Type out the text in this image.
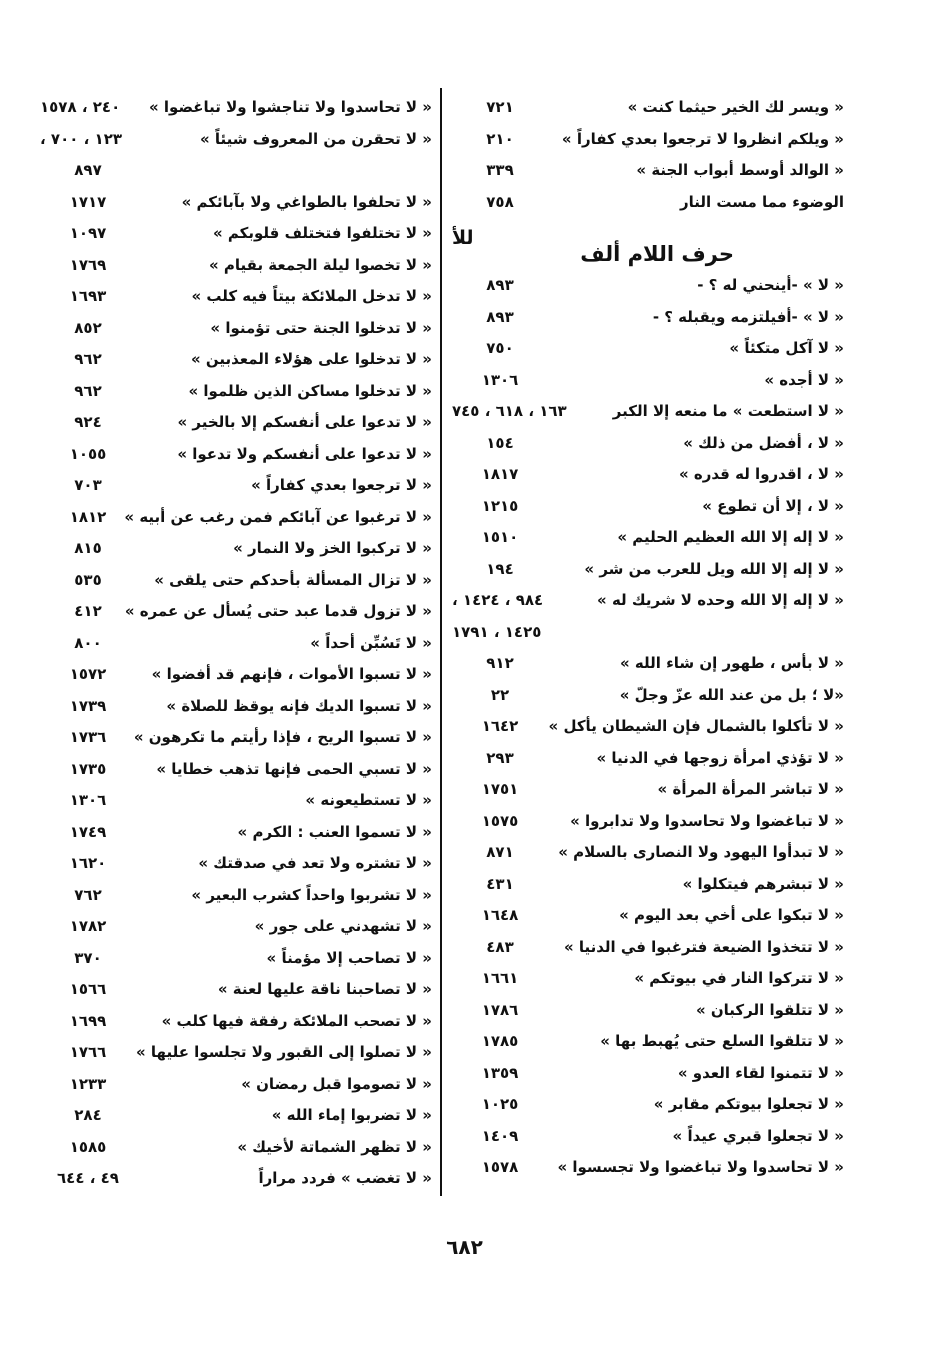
« ويسر لك الخير حيثما كنت »
٧٢١
« ويلكم انظروا لا ترجعوا بعدي كفاراً »
٢١٠
« الوالد أوسط أبواب الجنة »
٣٣٩
الوضوء مما مست النار
٧٥٨
للأ
حرف اللام ألف
« لا » -أينحني له ؟ -
٨٩٣
« لا » -أفيلتزمه ويقبله ؟ -
٨٩٣
« لا آكل متكئاً »
٧٥٠
« لا أجده »
١٣٠٦
« لا استطعت » ما منعه إلا الكبر
١٦٣ ، ٦١٨ ، ٧٤٥
« لا ، أفضل من ذلك »
١٥٤
« لا ، اقدروا له قدره »
١٨١٧
« لا ، إلا أن تطوع »
١٢١٥
« لا إله إلا الله العظيم الحليم »
١٥١٠
« لا إله إلا الله ويل للعرب من شر »
١٩٤
« لا إله إلا الله وحده لا شريك له »
٩٨٤ ، ١٤٢٤ ،
١٤٢٥ ، ١٧٩١
« لا بأس ، طهور إن شاء الله »
٩١٢
«لا ؛ بل من عند الله عزّ وجلّ »
٢٢
« لا تأكلوا بالشمال فإن الشيطان يأكل »
١٦٤٢
« لا تؤذي امرأة زوجها في الدنيا »
٢٩٣
« لا تباشر المرأة المرأة »
١٧٥١
« لا تباغضوا ولا تحاسدوا ولا تدابروا »
١٥٧٥
« لا تبدأوا اليهود ولا النصارى بالسلام »
٨٧١
« لا تبشرهم فيتكلوا »
٤٣١
« لا تبكوا على أخي بعد اليوم »
١٦٤٨
« لا تتخذوا الضيعة فترغبوا في الدنيا »
٤٨٣
« لا تتركوا النار في بيوتكم »
١٦٦١
« لا تتلقوا الركبان »
١٧٨٦
« لا تتلقوا السلع حتى يُهبط بها »
١٧٨٥
« لا تتمنوا لقاء العدو »
١٣٥٩
« لا تجعلوا بيوتكم مقابر »
١٠٢٥
« لا تجعلوا قبري عيداً »
١٤٠٩
« لا تحاسدوا ولا تباغضوا ولا تجسسوا »
١٥٧٨
« لا تحاسدوا ولا تناجشوا ولا تباغضوا »
٢٤٠ ، ١٥٧٨
« لا تحقرن من المعروف شيئاً »
١٢٣ ، ٧٠٠ ،
٨٩٧
« لا تحلفوا بالطواغي ولا بآبائكم »
١٧١٧
« لا تختلفوا فتختلف قلوبكم »
١٠٩٧
« لا تخصوا ليلة الجمعة بقيام »
١٧٦٩
« لا تدخل الملائكة بيتاً فيه كلب »
١٦٩٣
« لا تدخلوا الجنة حتى تؤمنوا »
٨٥٢
« لا تدخلوا على هؤلاء المعذبين »
٩٦٢
« لا تدخلوا مساكن الذين ظلموا »
٩٦٢
« لا تدعوا على أنفسكم إلا بالخير »
٩٢٤
« لا تدعوا على أنفسكم ولا تدعوا »
١٠٥٥
« لا ترجعوا بعدي كفاراً »
٧٠٣
« لا ترغبوا عن آبائكم فمن رغب عن أبيه »
١٨١٢
« لا تركبوا الخز ولا النمار »
٨١٥
« لا تزال المسألة بأحدكم حتى يلقى »
٥٣٥
« لا تزول قدما عبد حتى يُسأل عن عمره »
٤١٢
« لا تَسُبِّن أحداً »
٨٠٠
« لا تسبوا الأموات ، فإنهم قد أفضوا »
١٥٧٢
« لا تسبوا الديك فإنه يوقظ للصلاة »
١٧٣٩
« لا تسبوا الريح ، فإذا رأيتم ما تكرهون »
١٧٣٦
« لا تسبي الحمى فإنها تذهب خطايا »
١٧٣٥
« لا تستطيعونه »
١٣٠٦
« لا تسموا العنب : الكرم »
١٧٤٩
« لا تشتره ولا تعد في صدقتك »
١٦٢٠
« لا تشربوا واحداً كشرب البعير »
٧٦٢
« لا تشهدني على جور »
١٧٨٢
« لا تصاحب إلا مؤمناً »
٣٧٠
« لا تصاحبنا ناقة عليها لعنة »
١٥٦٦
« لا تصحب الملائكة رفقة فيها كلب »
١٦٩٩
« لا تصلوا إلى القبور ولا تجلسوا عليها »
١٧٦٦
« لا تصوموا قبل رمضان »
١٢٣٣
« لا تضربوا إماء الله »
٢٨٤
« لا تظهر الشماتة لأخيك »
١٥٨٥
« لا تغضب » فردد مراراً
٤٩ ، ٦٤٤
٦٨٢
